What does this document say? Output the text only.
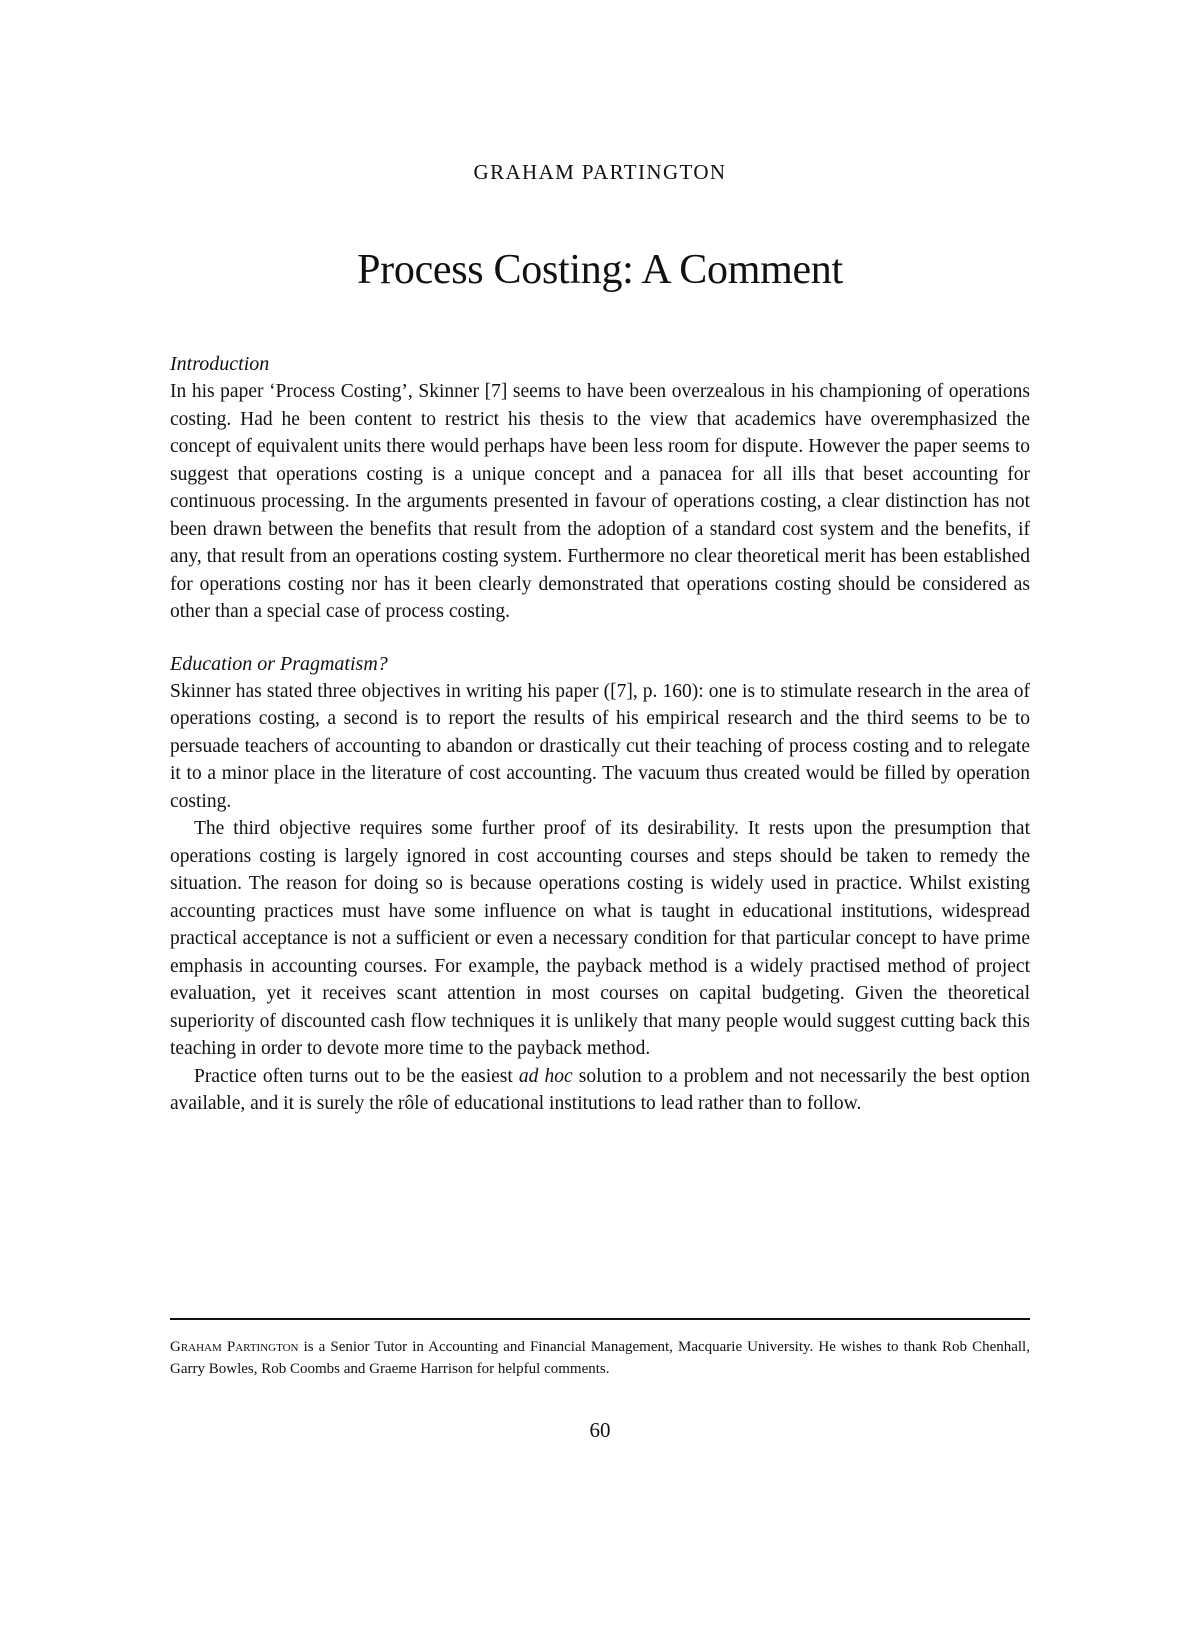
GRAHAM PARTINGTON
Process Costing: A Comment

Introduction

In his paper ‘Process Costing’, Skinner [7] seems to have been overzealous in his championing of operations costing. Had he been content to restrict his thesis to the view that academics have overemphasized the concept of equivalent units there would perhaps have been less room for dispute. However the paper seems to suggest that operations costing is a unique concept and a panacea for all ills that beset accounting for continuous processing. In the arguments presented in favour of operations costing, a clear distinction has not been drawn between the benefits that result from the adoption of a standard cost system and the benefits, if any, that result from an operations costing system. Furthermore no clear theoretical merit has been established for operations costing nor has it been clearly demonstrated that operations costing should be considered as other than a special case of process costing.

Education or Pragmatism?

Skinner has stated three objectives in writing his paper ([7], p. 160): one is to stimulate research in the area of operations costing, a second is to report the results of his empirical research and the third seems to be to persuade teachers of accounting to abandon or drastically cut their teaching of process costing and to relegate it to a minor place in the literature of cost accounting. The vacuum thus created would be filled by operation costing.

The third objective requires some further proof of its desirability. It rests upon the presumption that operations costing is largely ignored in cost accounting courses and steps should be taken to remedy the situation. The reason for doing so is because operations costing is widely used in practice. Whilst existing accounting practices must have some influence on what is taught in educational institutions, widespread practical acceptance is not a sufficient or even a necessary condition for that particular concept to have prime emphasis in accounting courses. For example, the payback method is a widely practised method of project evaluation, yet it receives scant attention in most courses on capital budgeting. Given the theoretical superiority of discounted cash flow techniques it is unlikely that many people would suggest cutting back this teaching in order to devote more time to the payback method.

Practice often turns out to be the easiest ad hoc solution to a problem and not necessarily the best option available, and it is surely the rôle of educational institutions to lead rather than to follow.

Graham Partington is a Senior Tutor in Accounting and Financial Management, Macquarie University. He wishes to thank Rob Chenhall, Garry Bowles, Rob Coombs and Graeme Harrison for helpful comments.
60
